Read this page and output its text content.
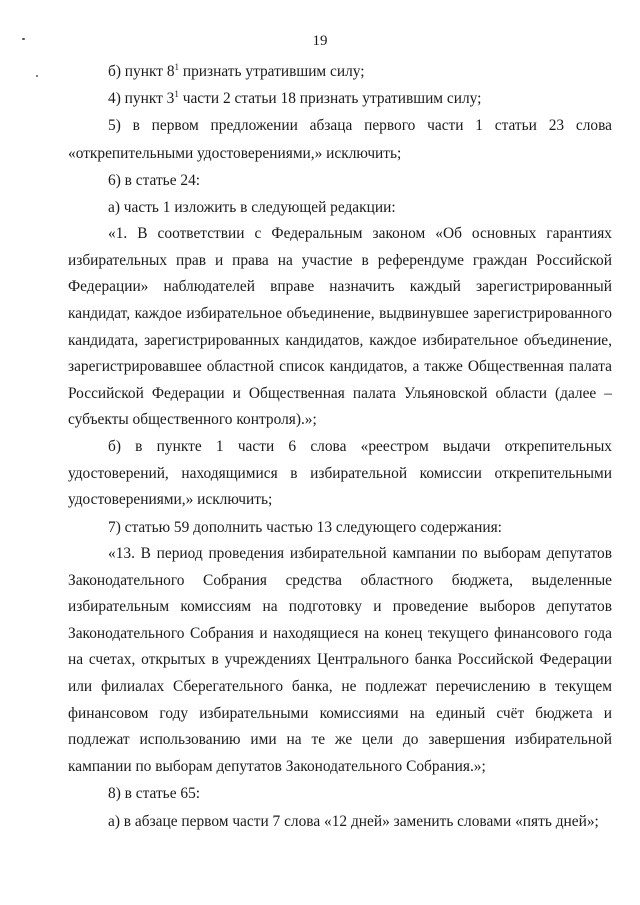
19

б) пункт $8^1$ признать утратившим силу;

4) пункт $3^1$ части 2 статьи 18 признать утратившим силу;

5) в первом предложении абзаца первого части 1 статьи 23 слова «открепительными удостоверениями,» исключить;

6) в статье 24:

а) часть 1 изложить в следующей редакции:

«1. В соответствии с Федеральным законом «Об основных гарантиях избирательных прав и права на участие в референдуме граждан Российской Федерации» наблюдателей вправе назначить каждый зарегистрированный кандидат, каждое избирательное объединение, выдвинувшее зарегистрированного кандидата, зарегистрированных кандидатов, каждое избирательное объединение, зарегистрировавшее областной список кандидатов, а также Общественная палата Российской Федерации и Общественная палата Ульяновской области (далее – субъекты общественного контроля).»;

б) в пункте 1 части 6 слова «реестром выдачи открепительных удостоверений, находящимися в избирательной комиссии открепительными удостоверениями,» исключить;

7) статью 59 дополнить частью 13 следующего содержания:

«13. В период проведения избирательной кампании по выборам депутатов Законодательного Собрания средства областного бюджета, выделенные избирательным комиссиям на подготовку и проведение выборов депутатов Законодательного Собрания и находящиеся на конец текущего финансового года на счетах, открытых в учреждениях Центрального банка Российской Федерации или филиалах Сберегательного банка, не подлежат перечислению в текущем финансовом году избирательными комиссиями на единый счёт бюджета и подлежат использованию ими на те же цели до завершения избирательной кампании по выборам депутатов Законодательного Собрания.»;

8) в статье 65:

а) в абзаце первом части 7 слова «12 дней» заменить словами «пять дней»;
